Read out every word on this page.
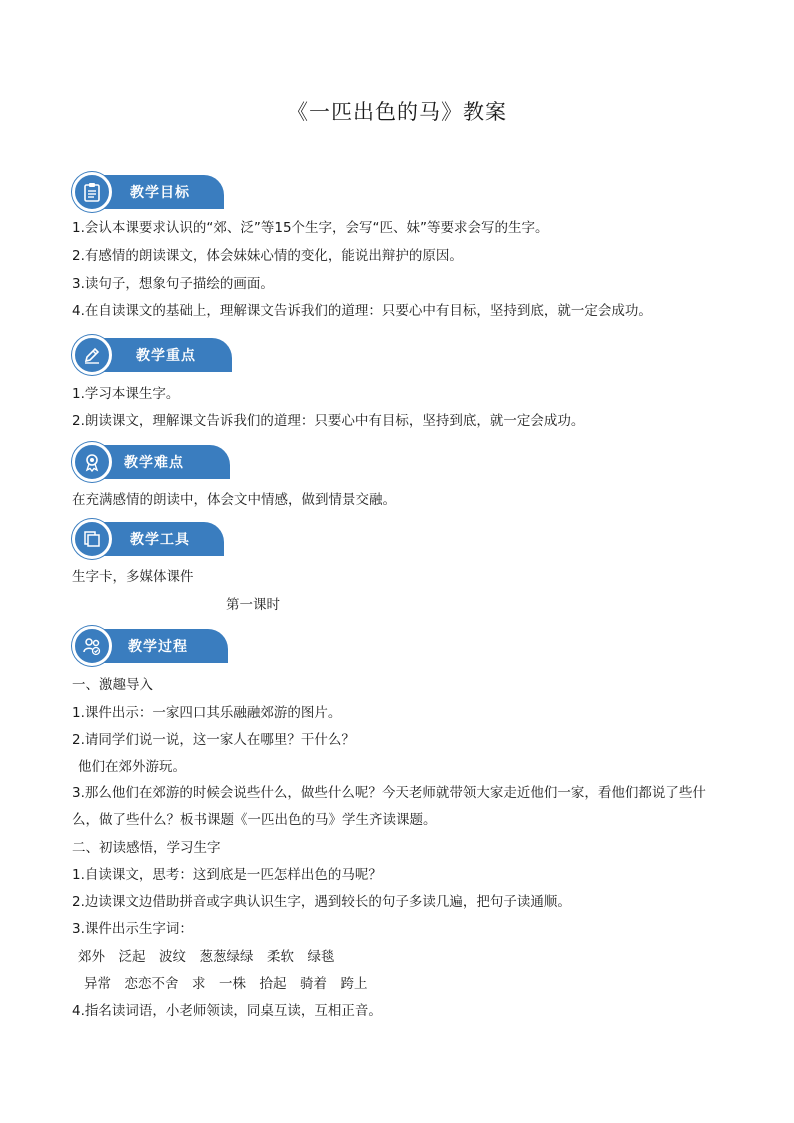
《一匹出色的马》教案
教学目标
1.会认本课要求认识的“郊、泛”等15个生字，会写“匹、妹”等要求会写的生字。
2.有感情的朗读课文，体会妹妹心情的变化，能说出辩护的原因。
3.读句子，想象句子描绘的画面。
4.在自读课文的基础上，理解课文告诉我们的道理：只要心中有目标，坚持到底，就一定会成功。
教学重点
1.学习本课生字。
2.朗读课文，理解课文告诉我们的道理：只要心中有目标，坚持到底，就一定会成功。
教学难点
在充满感情的朗读中，体会文中情感，做到情景交融。
教学工具
生字卡，多媒体课件
第一课时
教学过程
一、激趣导入
1.课件出示：一家四口其乐融融郊游的图片。
2.请同学们说一说，这一家人在哪里？干什么？
他们在郊外游玩。
3.那么他们在郊游的时候会说些什么，做些什么呢？今天老师就带领大家走近他们一家，看他们都说了些什么，做了些什么？板书课题《一匹出色的马》学生齐读课题。
二、初读感悟，学习生字
1.自读课文，思考：这到底是一匹怎样出色的马呢？
2.边读课文边借助拼音或字典认识生字，遇到较长的句子多读几遍，把句子读通顺。
3.课件出示生字词：
郊外　泛起　波纹　葱葱绿绿　柔软　绿毯
异常　恋恋不舍　求　一株　拾起　骑着　跨上
4.指名读词语，小老师领读，同桌互读，互相正音。
